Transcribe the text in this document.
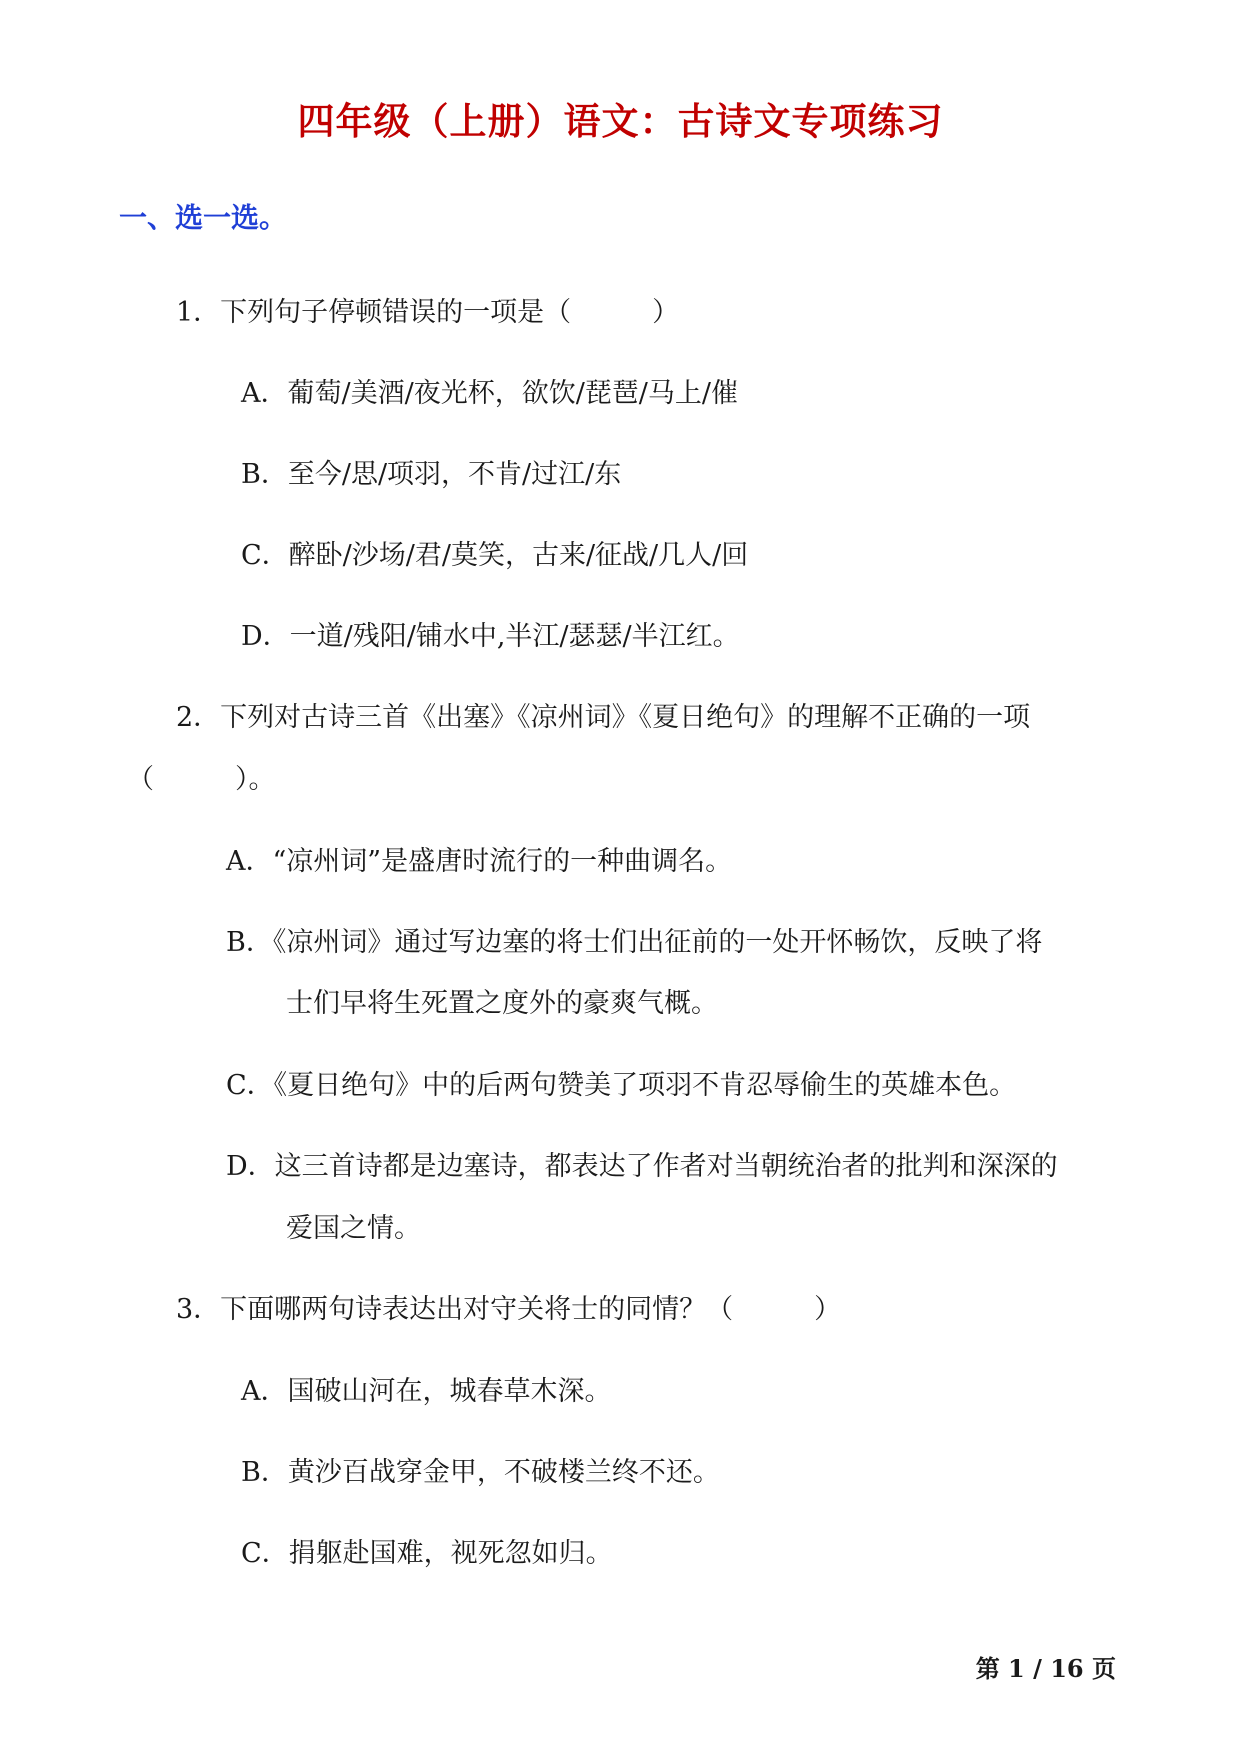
四年级（上册）语文：古诗文专项练习
一、选一选。
1．下列句子停顿错误的一项是（　　　）
A．葡萄/美酒/夜光杯，欲饮/琵琶/马上/催
B．至今/思/项羽，不肯/过江/东
C．醉卧/沙场/君/莫笑，古来/征战/几人/回
D．一道/残阳/铺水中,半江/瑟瑟/半江红。
2．下列对古诗三首《出塞》《凉州词》《夏日绝句》的理解不正确的一项
（　　　）。
A．“凉州词”是盛唐时流行的一种曲调名。
B．《凉州词》通过写边塞的将士们出征前的一处开怀畅饮，反映了将
士们早将生死置之度外的豪爽气概。
C．《夏日绝句》中的后两句赞美了项羽不肯忍辱偷生的英雄本色。
D．这三首诗都是边塞诗，都表达了作者对当朝统治者的批判和深深的
爱国之情。
3．下面哪两句诗表达出对守关将士的同情？（　　　）
A．国破山河在，城春草木深。
B．黄沙百战穿金甲，不破楼兰终不还。
C．捐躯赴国难，视死忽如归。
第 1 / 16 页
